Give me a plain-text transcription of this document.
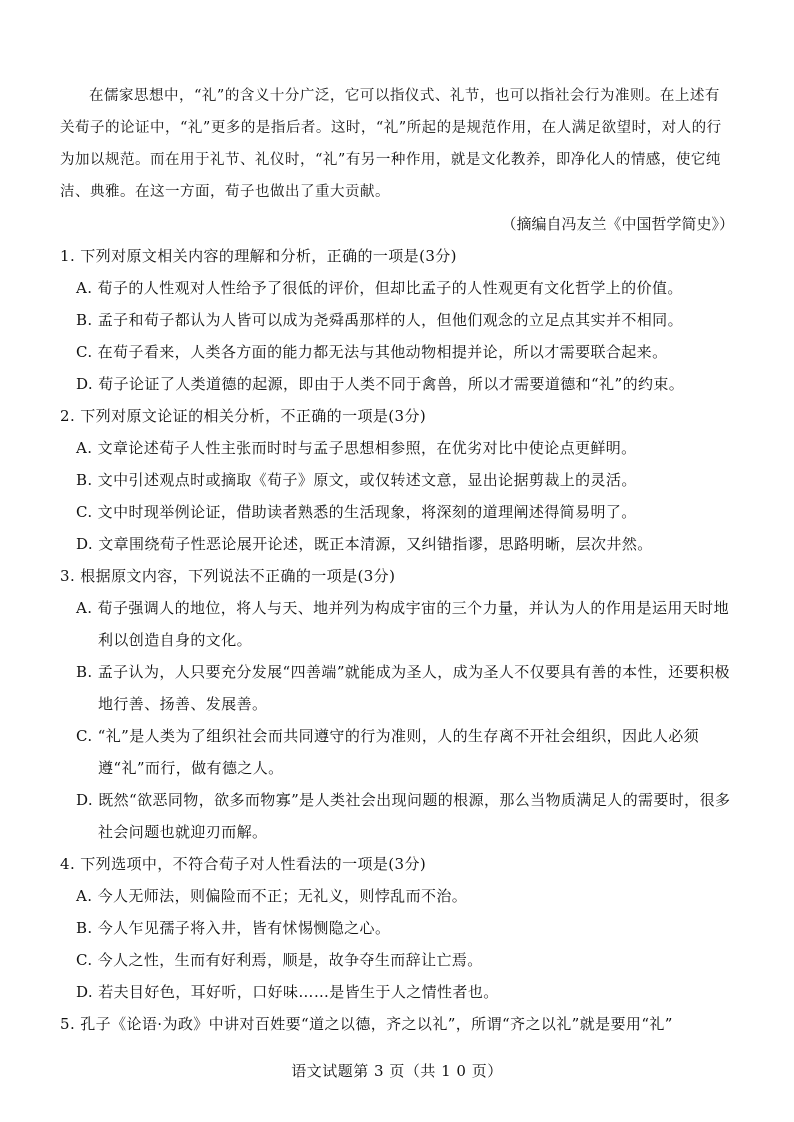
在儒家思想中，“礼”的含义十分广泛，它可以指仪式、礼节，也可以指社会行为准则。在上述有关荀子的论证中，“礼”更多的是指后者。这时，“礼”所起的是规范作用，在人满足欲望时，对人的行为加以规范。而在用于礼节、礼仪时，“礼”有另一种作用，就是文化教养，即净化人的情感，使它纯洁、典雅。在这一方面，荀子也做出了重大贡献。

（摘编自冯友兰《中国哲学简史》）

1. 下列对原文相关内容的理解和分析，正确的一项是(3分)

A. 荀子的人性观对人性给予了很低的评价，但却比孟子的人性观更有文化哲学上的价值。

B. 孟子和荀子都认为人皆可以成为尧舜禹那样的人，但他们观念的立足点其实并不相同。

C. 在荀子看来，人类各方面的能力都无法与其他动物相提并论，所以才需要联合起来。

D. 荀子论证了人类道德的起源，即由于人类不同于禽兽，所以才需要道德和“礼”的约束。

2. 下列对原文论证的相关分析，不正确的一项是(3分)

A. 文章论述荀子人性主张而时时与孟子思想相参照，在优劣对比中使论点更鲜明。

B. 文中引述观点时或摘取《荀子》原文，或仅转述文意，显出论据剪裁上的灵活。

C. 文中时现举例论证，借助读者熟悉的生活现象，将深刻的道理阐述得简易明了。

D. 文章围绕荀子性恶论展开论述，既正本清源，又纠错指谬，思路明晰，层次井然。

3. 根据原文内容，下列说法不正确的一项是(3分)

A. 荀子强调人的地位，将人与天、地并列为构成宇宙的三个力量，并认为人的作用是运用天时地利以创造自身的文化。

B. 孟子认为，人只要充分发展“四善端”就能成为圣人，成为圣人不仅要具有善的本性，还要积极地行善、扬善、发展善。

C. “礼”是人类为了组织社会而共同遵守的行为准则，人的生存离不开社会组织，因此人必须遵“礼”而行，做有德之人。

D. 既然“欲恶同物，欲多而物寡”是人类社会出现问题的根源，那么当物质满足人的需要时，很多社会问题也就迎刃而解。

4. 下列选项中，不符合荀子对人性看法的一项是(3分)

A. 今人无师法，则偏险而不正；无礼义，则悖乱而不治。

B. 今人乍见孺子将入井，皆有怵惕恻隐之心。

C. 今人之性，生而有好利焉，顺是，故争夺生而辞让亡焉。

D. 若夫目好色，耳好听，口好味……是皆生于人之情性者也。

5. 孔子《论语·为政》中讲对百姓要“道之以德，齐之以礼”，所谓“齐之以礼”就是要用“礼”

语文试题第 3 页（共 1 0 页）
